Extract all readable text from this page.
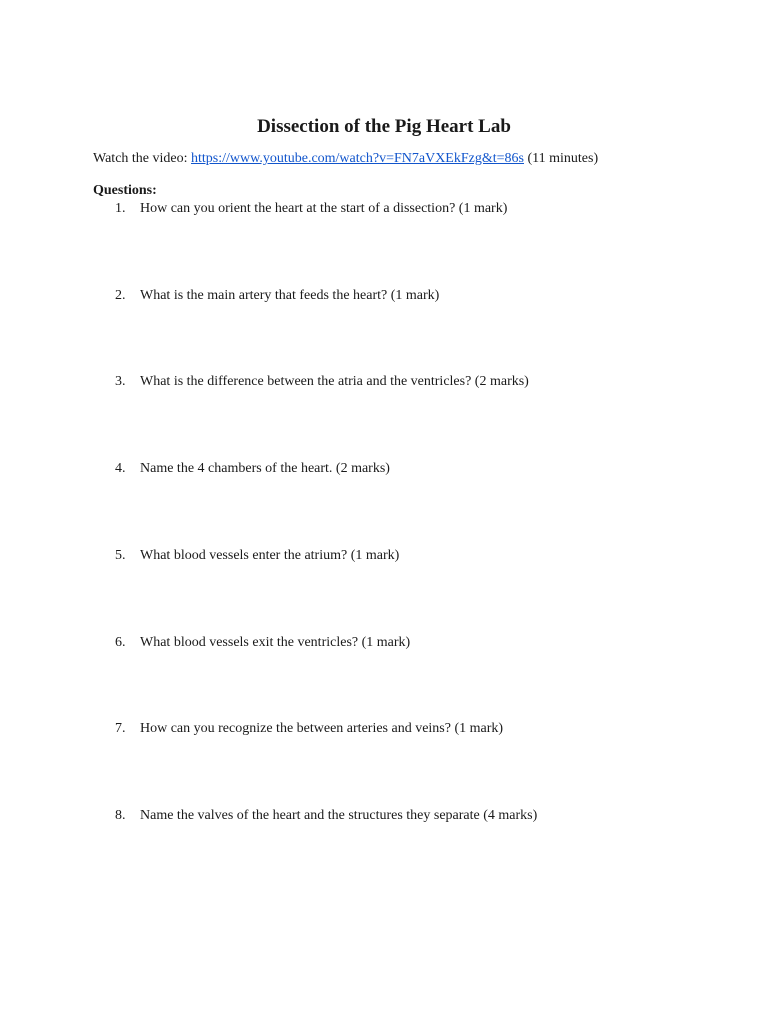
Dissection of the Pig Heart Lab
Watch the video: https://www.youtube.com/watch?v=FN7aVXEkFzg&t=86s (11 minutes)
Questions:
1. How can you orient the heart at the start of a dissection? (1 mark)
2. What is the main artery that feeds the heart? (1 mark)
3. What is the difference between the atria and the ventricles? (2 marks)
4. Name the 4 chambers of the heart. (2 marks)
5. What blood vessels enter the atrium? (1 mark)
6. What blood vessels exit the ventricles? (1 mark)
7. How can you recognize the between arteries and veins? (1 mark)
8. Name the valves of the heart and the structures they separate (4 marks)
